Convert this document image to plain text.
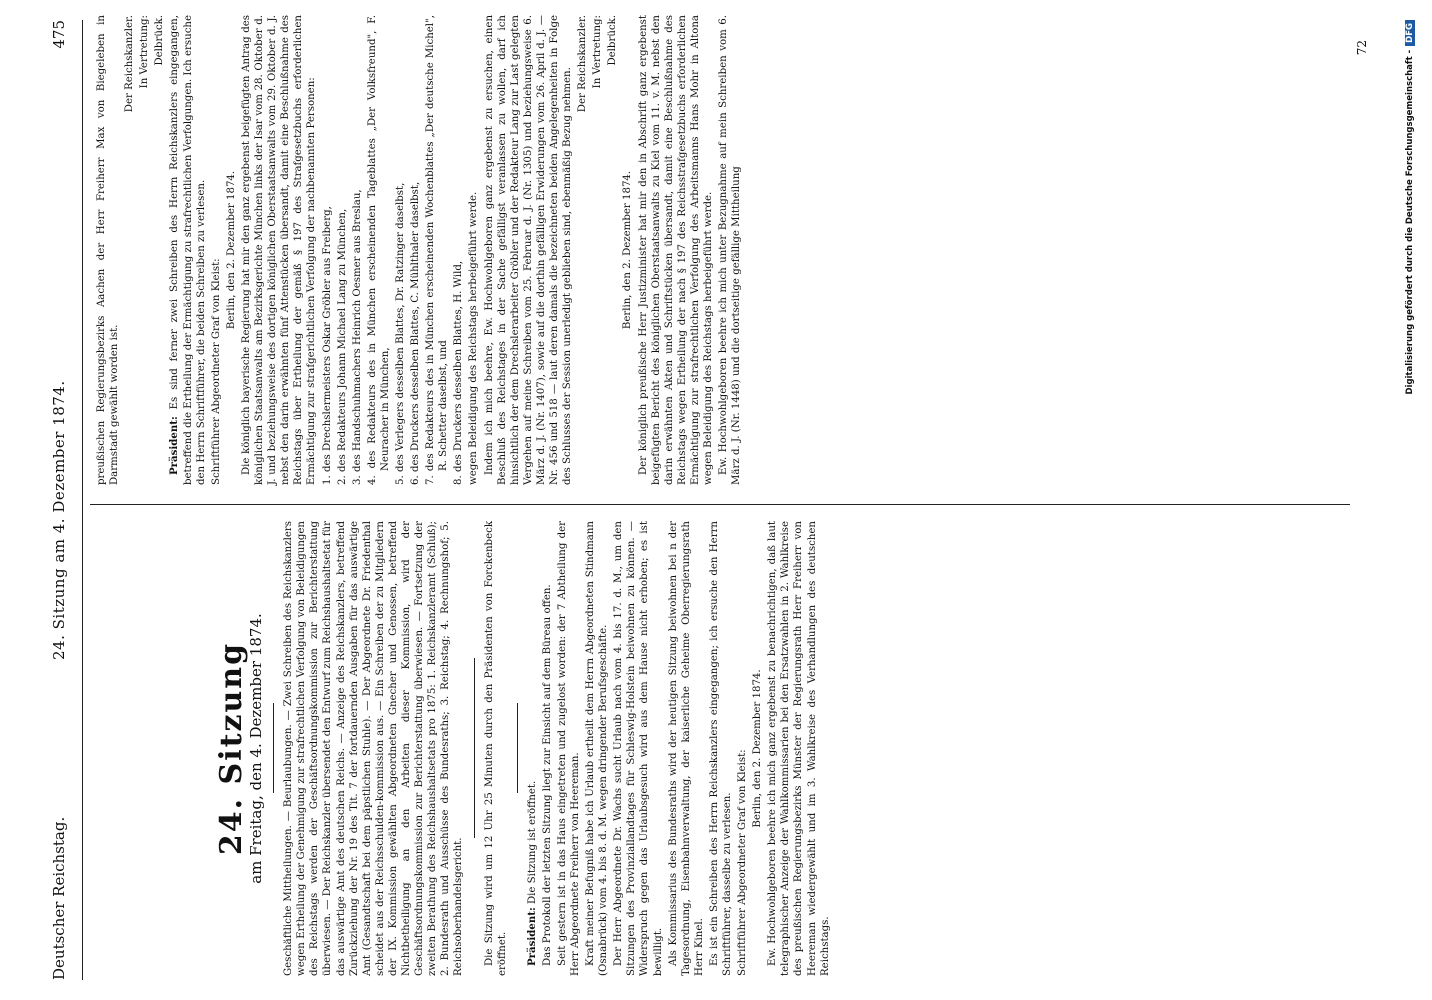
Deutscher Reichstag.
24. Sitzung am 4. Dezember 1874.
475
24. Sitzung
am Freitag, den 4. Dezember 1874. Geschäftliche Mittheilungen. — Beurlaubungen. — Zwei Schreiben des Reichskanzlers wegen Ertheilung der Genehmigung zur strafrechtlichen Verfolgung von Beleidigungen des Reichstags werden der Geschäftsordnungskommission zur Berichterstattung überwiesen. — Der Reichskanzler übersendet den Entwurf zum Reichshaushaltsetat für das auswärtige Amt des deutschen Reichs. — Anzeige des Reichskanzlers, betreffend Zurückziehung der Nr. 19 des Tit. 7 der fortdauernden Ausgaben für das auswärtige Amt (Gesandtschaft bei dem päpstlichen Stuhle). — Der Abgeordnete Dr. Friedenthal scheidet aus der Reichsschulden-kommission aus. — Ein Schreiben der zu Mitgliedern der IX. Kommission gewählten Abgeordneten Gnecher und Genossen, betreffend Nichtbetheiligung an den Arbeiten dieser Kommission, wird der Geschäftsordnungskommission zur Berichterstattung überwiesen. — Fortsetzung der zweiten Berathung des Reichshaushaltsetats pro 1875: 1. Reichskanzleramt (Schluß); 2. Bundesrath und Ausschüsse des Bundesraths; 3. Reichstag; 4. Rechnungshof; 5. Reichsoberhandelsgericht. Die Sitzung wird um 12 Uhr 25 Minuten durch den Präsidenten von Forckenbeck eröffnet. Präsident: Die Sitzung ist eröffnet. Das Protokoll der letzten Sitzung liegt zur Einsicht auf dem Büreau offen. Seit gestern ist in das Haus eingetreten und zugelost worden: der 7 Abtheilung der Herr Abgeordnete Freiherr von Heereman. Kraft meiner Befugniß habe ich Urlaub ertheilt dem Herrn Abgeordneten Stindmann (Osnabrück) vom 4. bis 8. d. M. wegen dringender Berufsgeschäfte. Der Herr Abgeordnete Dr. Wachs sucht Urlaub nach vom 4. bis 17. d. M., um den Sitzungen des Provinziallandtages für Schleswig-Holstein beiwohnen zu können. — Widerspruch gegen das Urlaubsgesuch wird aus dem Hause nicht erhoben; es ist bewilligt. Als Kommissarius des Bundesraths wird der heutigen Sitzung beiwohnen bei n der Tagesordnung, Eisenbahnverwaltung, der kaiserliche Geheime Oberregierungsrath Herr Kinel. Es ist ein Schreiben des Herrn Reichskanzlers eingegangen; ich ersuche den Herrn Schriftführer, dasselbe zu verlesen. Schriftführer Abgeordneter Graf von Kleist:

Berlin, den 2. Dezember 1874. Ew. Hochwohlgeboren beehre ich mich ganz ergebenst zu benachrichtigen, daß laut telegraphischer Anzeige der Wahlkommissarien bei den Ersatzwahlen in 2. Wahlkreise des preußischen Regierungsbezirks Münster der Regierungsrath Herr Freiherr von Heereman wiedergewählt und im 3. Wahlkreise des Verhandlungen des deutschen Reichstags.

preußischen Regierungsbezirks Aachen der Herr Freiherr Max von Biegeleben in Darmstadt gewählt worden ist.

Der Reichskanzler. In Vertretung: Delbrück.

Präsident: Es sind ferner zwei Schreiben des Herrn Reichskanzlers eingegangen, betreffend die Ertheilung der Ermächtigung zu strafrechtlichen Verfolgungen. Ich ersuche den Herrn Schriftführer, die beiden Schreiben zu verlesen. Schriftführer Abgeordneter Graf von Kleist:

Berlin, den 2. Dezember 1874. Die königlich bayerische Regierung hat mir den ganz ergebenst beigefügten Antrag des königlichen Staatsanwalts am Bezirksgerichte München links der Isar vom 28. Oktober d. J. und beziehungsweise des dortigen königlichen Oberstaatsanwalts vom 29. Oktober d. J. nebst den darin erwähnten fünf Attenstücken übersandt, damit eine Beschlußnahme des Reichstags über Ertheilung der gemäß § 197 des Strafgesetzbuchs erforderlichen Ermächtigung zur strafgerichtlichen Verfolgung der nachbenannten Personen: 1. des Drechslermeisters Oskar Gröbler aus Freiberg, 2. des Redakteurs Johann Michael Lang zu München, 3. des Handschuhmachers Heinrich Oesmer aus Breslau, 4. des Redakteurs des in München erscheinenden Tageblattes „Der Volksfreund", F. Neuracher in München, 5. des Verlegers desselben Blattes, Dr. Ratzinger daselbst, 6. des Druckers desselben Blattes, C. Mühlthaler daselbst, 7. des Redakteurs des in München erscheinenden Wochenblattes „Der deutsche Michel", R. Schetter daselbst, und 8. des Druckers desselben Blattes, H. Wild, wegen Beleidigung des Reichstags herbeigeführt werde. Indem ich mich beehre, Ew. Hochwohlgeboren ganz ergebenst zu ersuchen, einen Beschluß des Reichstages in der Sache gefälligst veranlassen zu wollen, darf ich hinsichtlich der dem Drechslerarbeiter Gröbler und der Redakteur Lang zur Last gelegten Vergehen auf meine Schreiben vom 25. Februar d. J. (Nr. 1305) und beziehungsweise 6. März d. J. (Nr. 1407), sowie auf die dorthin gefälligen Erwiderungen vom 26. April d. J. — Nr. 456 und 518 — laut deren damals die bezeichneten beiden Angelegenheiten in Folge des Schlusses der Session unerledigt geblieben sind, ebenmäßig Bezug nehmen.

Der Reichskanzler. In Vertretung: Delbrück.

Berlin, den 2. Dezember 1874. Der königlich preußische Herr Justizminister hat mir den in Abschrift ganz ergebenst beigefügten Bericht des königlichen Oberstaatsanwalts zu Kiel vom 11. v. M. nebst den darin erwähnten Akten und Schriftstücken übersandt, damit eine Beschlußnahme des Reichstags wegen Ertheilung der nach § 197 des Reichsstrafgesetzbuchs erforderlichen Ermächtigung zur strafrechtlichen Verfolgung des Arbeitsmanns Hans Mohr in Altona wegen Beleidigung des Reichstags herbeigeführt werde. Ew. Hochwohlgeboren beehre ich mich unter Bezugnahme auf mein Schreiben vom 6. März d. J. (Nr. 1448) und die dortseitige gefällige Mittheilung

72
Digitalisierung gefördert durch die Deutsche Forschungsgemeinschaft -DFG
